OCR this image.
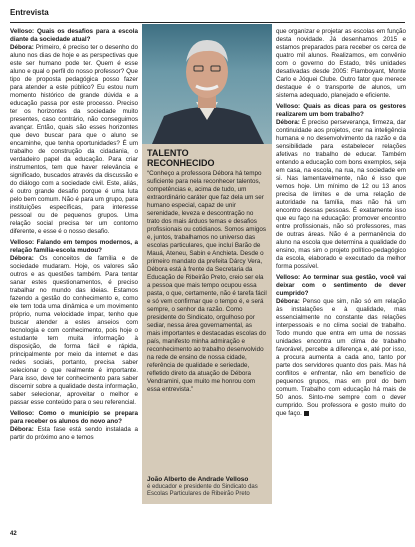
Entrevista

Velloso: Quais os desafios para a escola diante da sociedade atual?
Débora: Primeiro, é preciso ter o desenho do aluno nos dias de hoje e as perspectivas que este ser humano pode ter. Quem é esse aluno e qual o perfil do nosso professor? Que tipo de proposta pedagógica posso fazer para atender a este público? Eu estou num momento histórico de grande dúvida e a educação passa por este processo. Preciso ter os horizontes da sociedade muito presentes, caso contrário, não conseguimos avançar. Então, quais são esses horizontes que devo buscar para que o aluno se encaminhe, que tenha oportunidades? É um trabalho de construção da cidadania, o verdadeiro papel da educação. Para criar instrumentos, tem que haver relevância e significado, buscados através da discussão e do diálogo com a sociedade civil. Este, aliás, é outro grande desafio porque é uma luta pelo bem comum. Não é para um grupo, para instituições específicas, para interesse pessoal ou de pequenos grupos. Uma relação social precisa ter um contorno diferente, e esse é o nosso desafio.

Velloso: Falando em tempos modernos, a relação família-escola mudou?
Débora: Os conceitos de família e de sociedade mudaram. Hoje, os valores são outros e as questões também. Para tentar sanar estes questionamentos, é preciso trabalhar no mundo das ideias. Estamos fazendo a gestão do conhecimento e, como ele tem toda uma dinâmica e um movimento próprio, numa velocidade ímpar, tenho que buscar atender a estes anseios com tecnologia e com conhecimento, pois hoje o estudante tem muita informação à disposição, de forma fácil e rápida, principalmente por meio da internet e das redes sociais, portanto, precisa saber selecionar o que realmente é importante. Para isso, deve ter conhecimento para saber discernir sobre a qualidade desta informação, saber selecionar, aproveitar o melhor e passar esse conteúdo para o seu referencial.

Velloso: Como o município se prepara para receber os alunos do novo ano?
Débora: Esta fase está sendo instalada a partir do próximo ano e temos

TALENTO
RECONHECIDO
“Conheço a professora Débora há tempo suficiente para nela reconhecer talentos, competências e, acima de tudo, um extraordinário caráter que faz dela um ser humano especial, capaz de unir serenidade, leveza e descontração no trato dos mais árduos temas e desafios profissionais ou cotidianos. Somos amigos e, juntos, trabalhamos no universo das escolas particulares, que incluí Barão de Mauá, Ateneu, Sabin e Anchieta. Desde o primeiro mandato da prefeita Dárcy Vera, Débora está à frente da Secretaria da Educação de Ribeirão Preto, creio ser ela a pessoa que mais tempo ocupou essa pasta, o que, certamente, não é tarefa fácil e só vem confirmar que o tempo é, e será sempre, o senhor da razão. Como presidente do Sindicato, orgulhoso por sediar, nessa área governamental, as mais importantes e destacadas escolas do país, manifesto minha admiração e reconhecimento ao trabalho desenvolvido na rede de ensino de nossa cidade, referência de qualidade e seriedade, refletido direto da atuação de Débora Vendramini, que muito me honrou com essa entrevista.”
João Alberto de Andrade Velloso
é educador e presidente do Sindicato das Escolas Particulares de Ribeirão Preto

que organizar e projetar as escolas em função desta novidade. Já desenhamos 2015 e estamos preparados para receber os cerca de quatro mil alunos. Realizamos, em convênio com o governo do Estado, três unidades desativadas desde 2005: Flamboyant, Monte Carlo e Jóquei Clube. Outro fator que merece destaque é o transporte de alunos, um sistema adequado, planejado e eficiente.

Velloso: Quais as dicas para os gestores realizarem um bom trabalho?
Débora: É preciso perseverança, firmeza, dar continuidade aos projetos, crer na inteligência humana e no desenvolvimento da razão e da sensibilidade para estabelecer relações afetivas no trabalho de educar. Também entendo a educação com bons exemplos, seja em casa, na escola, na rua, na sociedade em si. Nas lamentavelmente, não é isso que vemos hoje. Um mínimo de 12 ou 13 anos precisa de limites e de uma relação de autoridade na família, mas não há um encontro dessas pessoas. É exatamente isso que eu faço na educação: promover encontro entre profissionais, não só professores, mas de outras áreas. Não é a permanência do aluno na escola que determina a qualidade do ensino, mas sim o projeto político-pedagógico da escola, elaborado e executado da melhor forma possível.

Velloso: Ao terminar sua gestão, você vai deixar com o sentimento de dever cumprido?
Débora: Penso que sim, não só em relação às instalações e à qualidade, mas essencialmente no constante das relações interpessoais e no clima social de trabalho. Todo mundo que entra em uma de nossas unidades encontra um clima de trabalho favorável, percebe a diferença e, até por isso, a procura aumenta a cada ano, tanto por parte dos servidores quanto dos pais. Mas há conflitos e enfrentar, não em benefício de pequenos grupos, mas em prol do bem comum. Trabalho com educação há mais de 50 anos. Sinto-me sempre com o dever cumprido. Sou professora e gosto muito do que faço.

42
